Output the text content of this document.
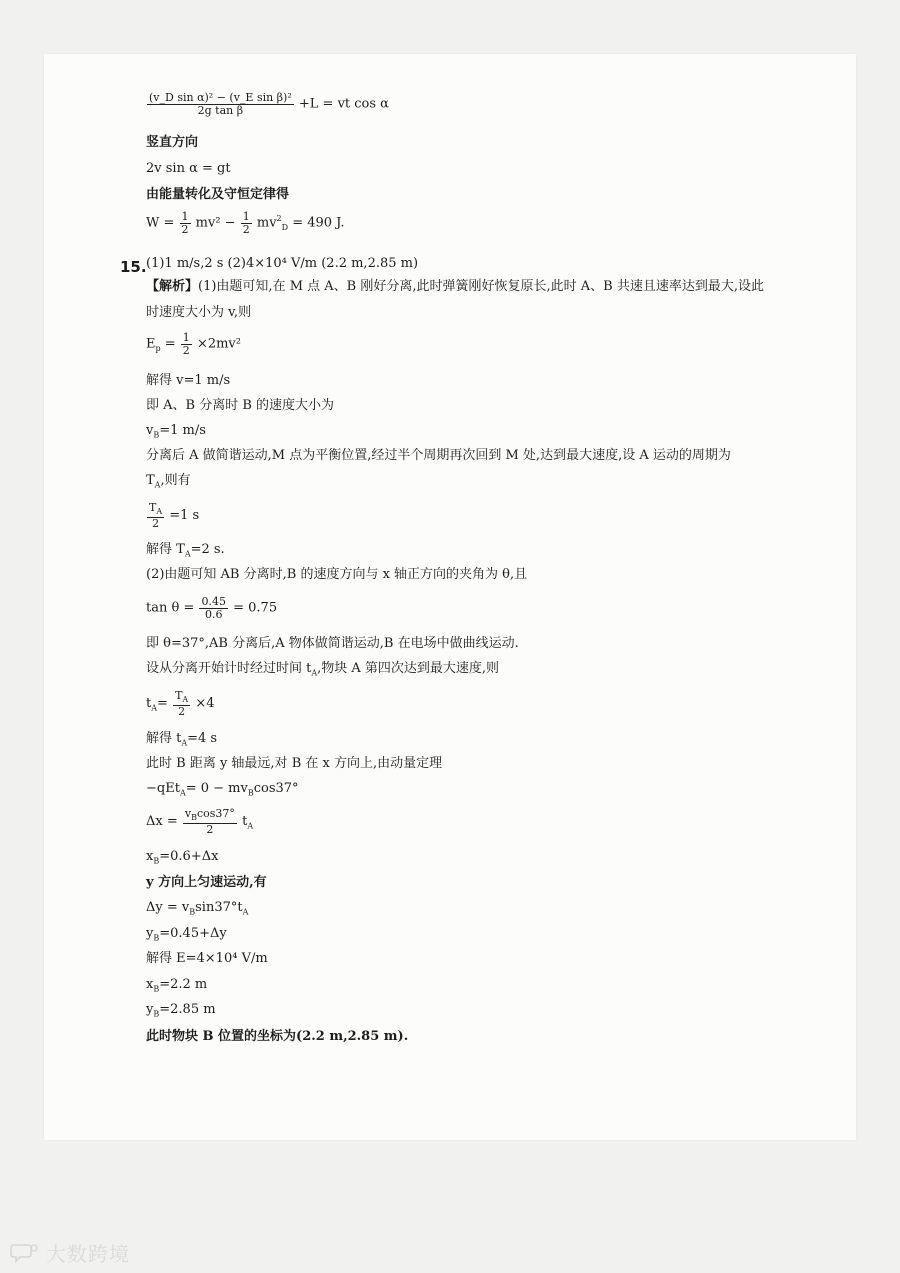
$\frac{\text{(v\_D sin α)² − (v\_E sin β)²}}{\text{2g tan β}} +L$ = vt cos α
竖直方向
2v sin α = gt
由能量转化及守恒定律得
$W = \frac{1}{2} mv^2 - \frac{1}{2} mv^2_D = 490$ J.
15. (1)1 m/s,2 s (2)4×10⁴ V/m (2.2 m,2.85 m)
【解析】(1)由题可知,在 M 点 A、B 刚好分离,此时弹簧刚好恢复原长,此时 A、B 共速且速率达到最大,设此
时速度大小为 v,则
$E_p = \frac{1}{2} \times 2mv^2$
解得 v=1 m/s
即 A、B 分离时 B 的速度大小为
$v_B=1$ m/s
分离后 A 做简谐运动,M 点为平衡位置,经过半个周期再次回到 M 处,达到最大速度,设 A 运动的周期为
$T_A$,则有
$\frac{T_A}{2} =1$ s
解得 $T_A=2$ s.
(2)由题可知 AB 分离时,B 的速度方向与 x 轴正方向的夹角为 θ,且
$\tan \theta = \frac{0.45}{0.6} = 0.75$
即 θ=37°,AB 分离后,A 物体做简谐运动,B 在电场中做曲线运动.
设从分离开始计时经过时间 $t_A$,物块 A 第四次达到最大速度,则
$t_A= \frac{T_A}{2} \times 4$
解得 $t_A=4$ s
此时 B 距离 y 轴最远,对 B 在 x 方向上,由动量定理
$-qEt_A= 0 - mv_B\cos 37^\circ$
$\Delta x = \frac{v_B\cos 37^\circ}{2} t_A$
$x_B=0.6+\Delta x$
y 方向上匀速运动,有
$\Delta y = v_B\sin 37^\circ t_A$
$y_B=0.45+\Delta y$
解得 E=4×10⁴ V/m
$x_B=2.2$ m
$y_B=2.85$ m
此时物块 B 位置的坐标为(2.2 m,2.85 m).
大数跨境
